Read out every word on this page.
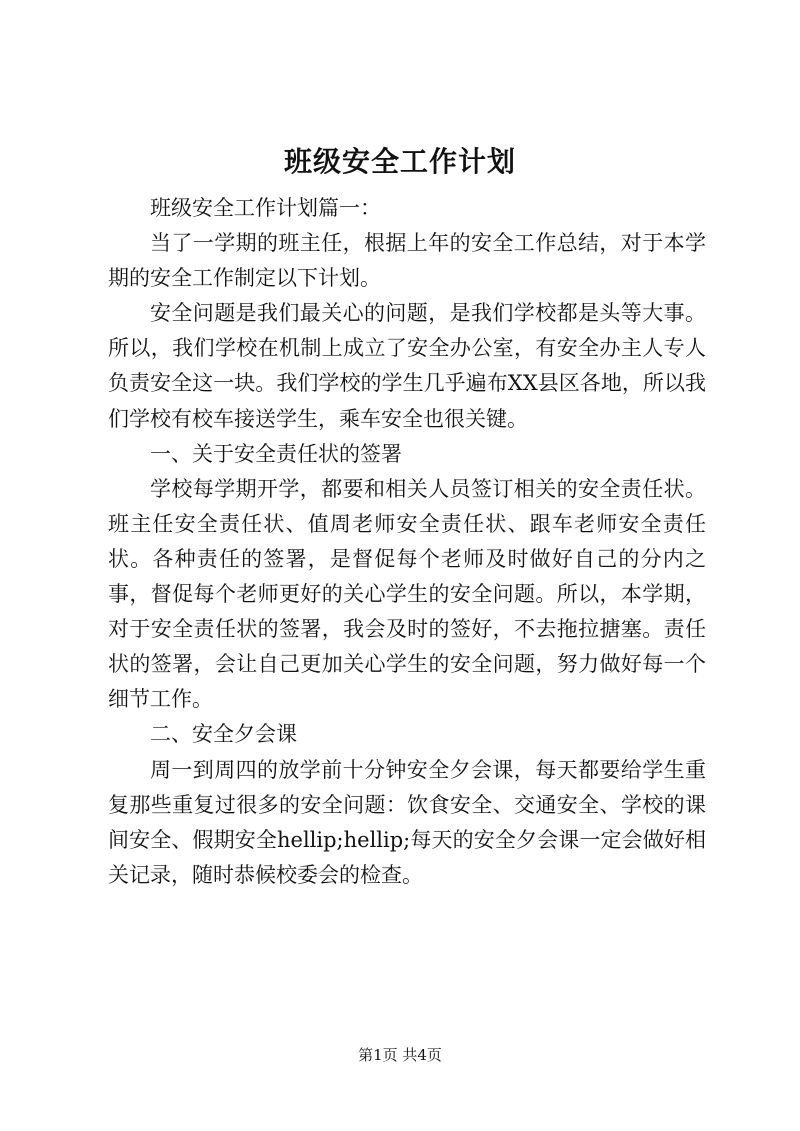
班级安全工作计划

班级安全工作计划篇一：

当了一学期的班主任，根据上年的安全工作总结，对于本学期的安全工作制定以下计划。

安全问题是我们最关心的问题，是我们学校都是头等大事。所以，我们学校在机制上成立了安全办公室，有安全办主人专人负责安全这一块。我们学校的学生几乎遍布XX县区各地，所以我们学校有校车接送学生，乘车安全也很关键。

一、关于安全责任状的签署

学校每学期开学，都要和相关人员签订相关的安全责任状。班主任安全责任状、值周老师安全责任状、跟车老师安全责任状。各种责任的签署，是督促每个老师及时做好自己的分内之事，督促每个老师更好的关心学生的安全问题。所以，本学期，对于安全责任状的签署，我会及时的签好，不去拖拉搪塞。责任状的签署，会让自己更加关心学生的安全问题，努力做好每一个细节工作。

二、安全夕会课

周一到周四的放学前十分钟安全夕会课，每天都要给学生重复那些重复过很多的安全问题：饮食安全、交通安全、学校的课间安全、假期安全hellip;hellip;每天的安全夕会课一定会做好相关记录，随时恭候校委会的检查。

第1页 共4页
